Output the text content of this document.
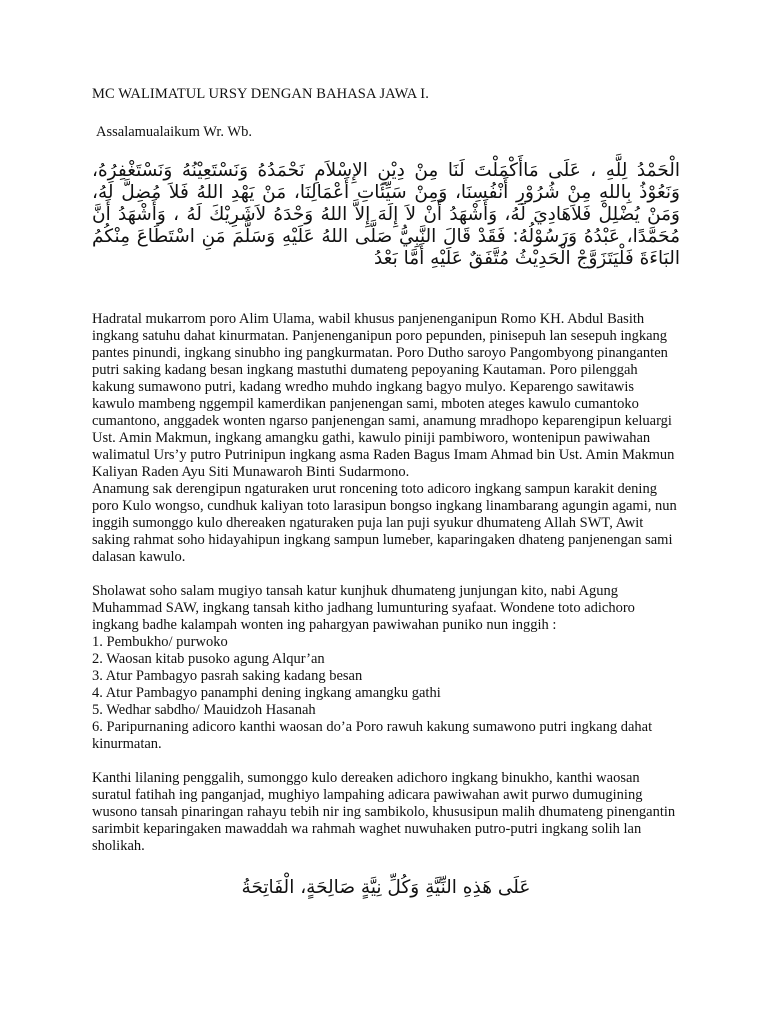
MC WALIMATUL URSY DENGAN BAHASA JAWA I.
Assalamualaikum Wr. Wb.
الْحَمْدُ لِلَّهِ ، عَلَى مَاأَكْمَلْتَ لَنَا مِنْ دِيْنِ الإِسْلاَمِ نَحْمَدُهُ وَنَسْتَعِيْنُهُ وَنَسْتَغْفِرُهُ، وَنَعُوْذُ بِاللهِ مِنْ شُرُوْرِ أَنْفُسِنَا، وَمِنْ سَيِّئَاتِ أَعْمَالِنَا، مَنْ يَهْدِ اللهُ فَلاَ مُضِلَّ لَهُ، وَمَنْ يُضْلِلْ فَلاَهَادِيَ لَهُ، وَأَشْهَدُ أَنْ لاَ إِلَهَ إِلاَّ اللهُ وَحْدَهُ لاَشَرِيْكَ لَهُ ، وَأَشْهَدُ أَنَّ مُحَمَّدًا، عَبْدُهُ وَرَسُوْلُهُ: فَقَدْ قَالَ النَّبِيُّ صَلَّى اللهُ عَلَيْهِ وَسَلَّمَ مَنِ اسْتَطَاعَ مِنْكُمُ البَاءَةَ فَلْيَتَزَوَّجْ الْحَدِيْثُ مُتَّفَقٌ عَلَيْهِ أَمَّا بَعْدُ

Hadratal mukarrom poro Alim Ulama, wabil khusus panjenenganipun Romo KH. Abdul Basith ingkang satuhu dahat kinurmatan. Panjenenganipun poro pepunden, pinisepuh lan sesepuh ingkang pantes pinundi, ingkang sinubho ing pangkurmatan. Poro Dutho saroyo Pangombyong pinanganten putri saking kadang besan ingkang mastuthi dumateng pepoyaning Kautaman. Poro pilenggah kakung sumawono putri, kadang wredho muhdo ingkang bagyo mulyo. Keparengo sawitawis kawulo mambeng nggempil kamerdikan panjenengan sami, mboten ateges kawulo cumantoko cumantono, anggadek wonten ngarso panjenengan sami, anamung mradhopo keparengipun keluargi Ust. Amin Makmun, ingkang amangku gathi, kawulo piniji pambiworo, wontenipun pawiwahan walimatul Urs’y putro Putrinipun ingkang asma Raden Bagus Imam Ahmad bin Ust. Amin Makmun Kaliyan Raden Ayu Siti Munawaroh Binti Sudarmono.

Anamung sak derengipun ngaturaken urut roncening toto adicoro ingkang sampun karakit dening poro Kulo wongso, cundhuk kaliyan toto larasipun bongso ingkang linambarang agungin agami, nun inggih sumonggo kulo dhereaken ngaturaken puja lan puji syukur dhumateng Allah SWT, Awit saking rahmat soho hidayahipun ingkang sampun lumeber, kaparingaken dhateng panjenengan sami dalasan kawulo.

Sholawat soho salam mugiyo tansah katur kunjhuk dhumateng junjungan kito, nabi Agung Muhammad SAW, ingkang tansah kitho jadhang lumunturing syafaat. Wondene toto adichoro ingkang badhe kalampah wonten ing pahargyan pawiwahan puniko nun inggih :

1. Pembukho/ purwoko
2. Waosan kitab pusoko agung Alqur’an
3. Atur Pambagyo pasrah saking kadang besan
4. Atur Pambagyo panamphi dening ingkang amangku gathi
5. Wedhar sabdho/ Mauidzoh Hasanah
6. Paripurnaning adicoro kanthi waosan do’a Poro rawuh kakung sumawono putri ingkang dahat kinurmatan.

Kanthi lilaning penggalih, sumonggo kulo dereaken adichoro ingkang binukho, kanthi waosan suratul fatihah ing panganjad, mughiyo lampahing adicara pawiwahan awit purwo dumugining wusono tansah pinaringan rahayu tebih nir ing sambikolo, khususipun malih dhumateng pinengantin sarimbit keparingaken mawaddah wa rahmah waghet nuwuhaken putro-putri ingkang solih lan sholikah.

عَلَى هَذِهِ النِّيَّةِ وَكُلِّ نِيَّةٍ صَالِحَةٍ، الْفَاتِحَةُ
